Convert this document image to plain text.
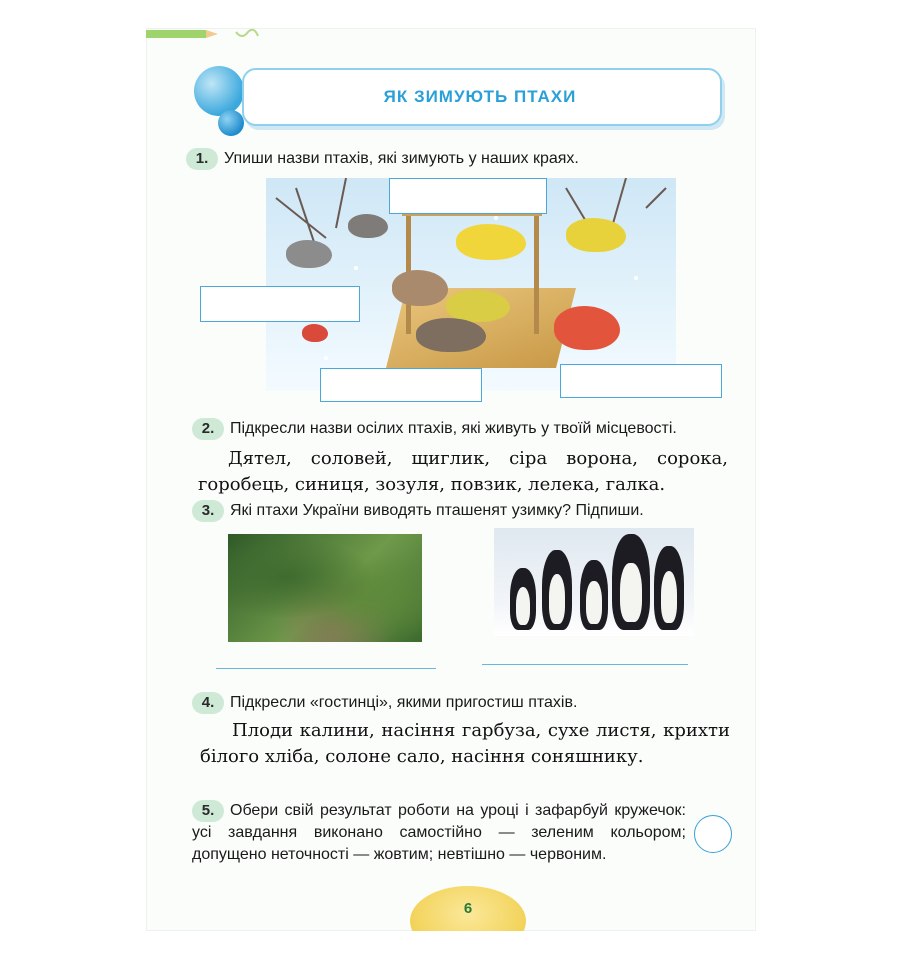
ЯК ЗИМУЮТЬ ПТАХИ
1. Упиши назви птахів, які зимують у наших краях.
2. Підкресли назви осілих птахів, які живуть у твоїй місцевості.
Дятел, соловей, щиглик, сіра ворона, сорока, горобець, синиця, зозуля, повзик, лелека, галка.
3. Які птахи України виводять пташенят узимку? Підпиши.
4. Підкресли «гостинці», якими пригостиш птахів.
Плоди калини, насіння гарбуза, сухе листя, крихти білого хліба, солоне сало, насіння соняшнику.
5. Обери свій результат роботи на уроці і зафарбуй кружечок: усі завдання виконано самостійно — зеленим кольором; допущено неточності — жовтим; невтішно — червоним.
6
